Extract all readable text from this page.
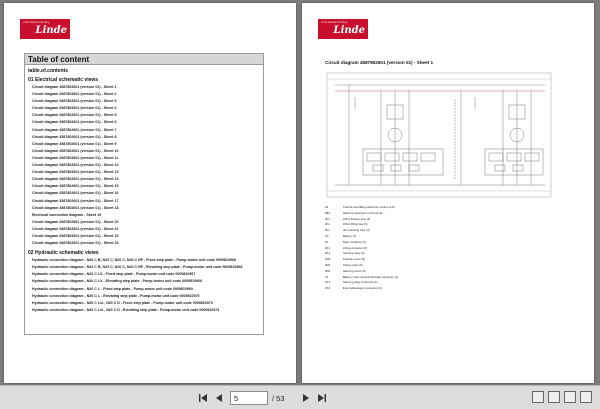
Linde Material Handling
Linde
Table of content
table.of.contents
01 Electrical schematic views
Circuit diagram 4587802601 (version 01) - Sheet 1
Circuit diagram 4587802601 (version 01) - Sheet 2
Circuit diagram 4587802601 (version 01) - Sheet 3
Circuit diagram 4587802601 (version 01) - Sheet 4
Circuit diagram 4587802601 (version 01) - Sheet 5
Circuit diagram 4587802601 (version 01) - Sheet 6
Circuit diagram 4587802601 (version 01) - Sheet 7
Circuit diagram 4587802601 (version 01) - Sheet 8
Circuit diagram 4587802601 (version 01) - Sheet 9
Circuit diagram 4587802601 (version 01) - Sheet 10
Circuit diagram 4587802601 (version 01) - Sheet 11
Circuit diagram 4587802601 (version 01) - Sheet 12
Circuit diagram 4587802601 (version 01) - Sheet 13
Circuit diagram 4587802601 (version 01) - Sheet 14
Circuit diagram 4587802601 (version 01) - Sheet 15
Circuit diagram 4587802601 (version 01) - Sheet 16
Circuit diagram 4587802601 (version 01) - Sheet 17
Circuit diagram 4587802601 (version 01) - Sheet 18
Electrical connection diagram - Sheet 19
Circuit diagram 4587802601 (version 01) - Sheet 20
Circuit diagram 4587802601 (version 01) - Sheet 21
Circuit diagram 4587802601 (version 01) - Sheet 22
Circuit diagram 4587802601 (version 01) - Sheet 23
02 Hydraulic schematic views
Hydraulic connection diagram - N20 C B, N20 C, N20 C, N20 C HP - Fixed step plate - Pump-motor unit code 0009810968
Hydraulic connection diagram - N20 C B, N20 C, N20 C, N20 C HP - Elevating step plate - Pump-motor unit code 0009810968
Hydraulic connection diagram - N20 C LX - Fixed step plate - Pump-motor unit code 0009810967
Hydraulic connection diagram - N20 C LX - Elevating step plate - Pump-motor unit code 0009810966
Hydraulic connection diagram - N20 C L - Fixed step plate - Pump-motor unit code 0009810969
Hydraulic connection diagram - N20 C L - Elevating step plate - Pump-motor unit code 0009810970
Hydraulic connection diagram - N20 C Lxi., N20 C D - Fixed step plate - Pump-motor unit code 0009810973
Hydraulic connection diagram - N20 C Lxi., N20 C D - Elevating step plate - Pump-motor unit code 0009810974
Linde Material Handling
Linde
Circuit diagram 4587802601 (version 01) - Sheet 1
A1	Traction and lifting electronic control (A-8)
2B1	Steering electronic control (A-9)
2F1	225 A traction fuse (4)
2F1	150 A lifting fuse (6)
3F1	30 A steering fuse (4)
G1	Battery (1)
K1	Main contactor (4)
2K1	Lifting contactor (6)
3K1	Steering relay (4)
1M1	Traction motor (5)
2M1	Lifting motor (6)
3M1	Steering motor (5)
X1	Battery male connector/female connector (1)
2X1	Steering relay connector (2)
2X2	Emo Volkswagen connector (2)
5
/ 53
